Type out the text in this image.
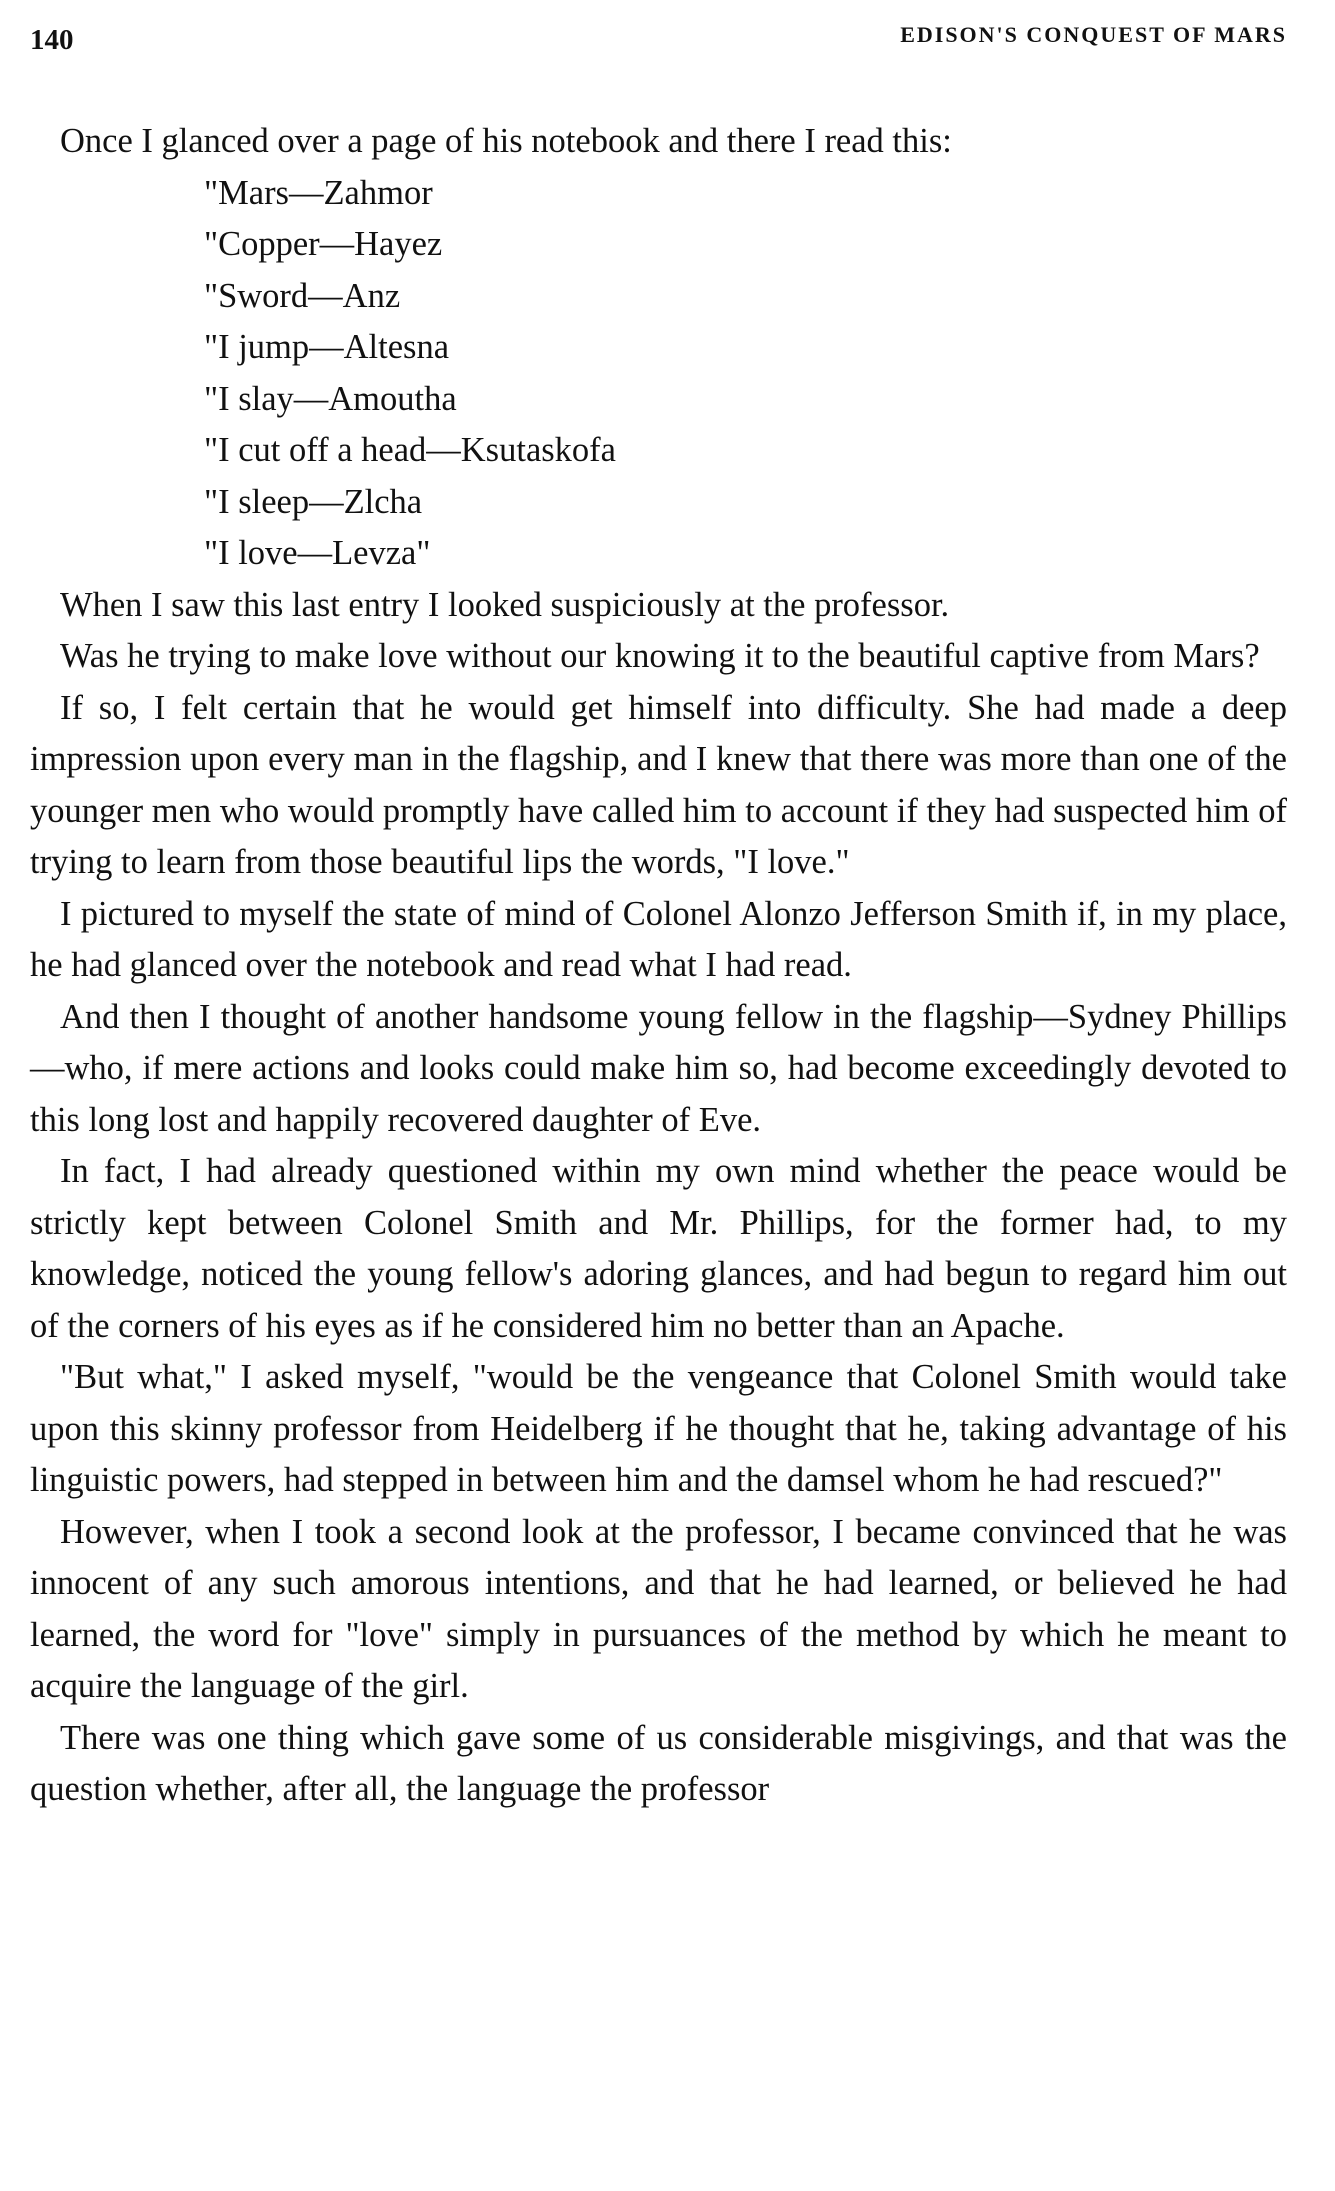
140	EDISON'S CONQUEST OF MARS

Once I glanced over a page of his notebook and there I read this:

"Mars—Zahmor
"Copper—Hayez
"Sword—Anz
"I jump—Altesna
"I slay—Amoutha
"I cut off a head—Ksutaskofa
"I sleep—Zlcha
"I love—Levza"

When I saw this last entry I looked suspiciously at the professor.

Was he trying to make love without our knowing it to the beautiful captive from Mars?

If so, I felt certain that he would get himself into difficulty. She had made a deep impression upon every man in the flagship, and I knew that there was more than one of the younger men who would promptly have called him to account if they had suspected him of trying to learn from those beautiful lips the words, "I love."

I pictured to myself the state of mind of Colonel Alonzo Jefferson Smith if, in my place, he had glanced over the notebook and read what I had read.

And then I thought of another handsome young fellow in the flagship—Sydney Phillips—who, if mere actions and looks could make him so, had become exceedingly devoted to this long lost and happily recovered daughter of Eve.

In fact, I had already questioned within my own mind whether the peace would be strictly kept between Colonel Smith and Mr. Phillips, for the former had, to my knowledge, noticed the young fellow's adoring glances, and had begun to regard him out of the corners of his eyes as if he considered him no better than an Apache.

"But what," I asked myself, "would be the vengeance that Colonel Smith would take upon this skinny professor from Heidelberg if he thought that he, taking advantage of his linguistic powers, had stepped in between him and the damsel whom he had rescued?"

However, when I took a second look at the professor, I became convinced that he was innocent of any such amorous intentions, and that he had learned, or believed he had learned, the word for "love" simply in pursuances of the method by which he meant to acquire the language of the girl.

There was one thing which gave some of us considerable misgivings, and that was the question whether, after all, the language the professor
